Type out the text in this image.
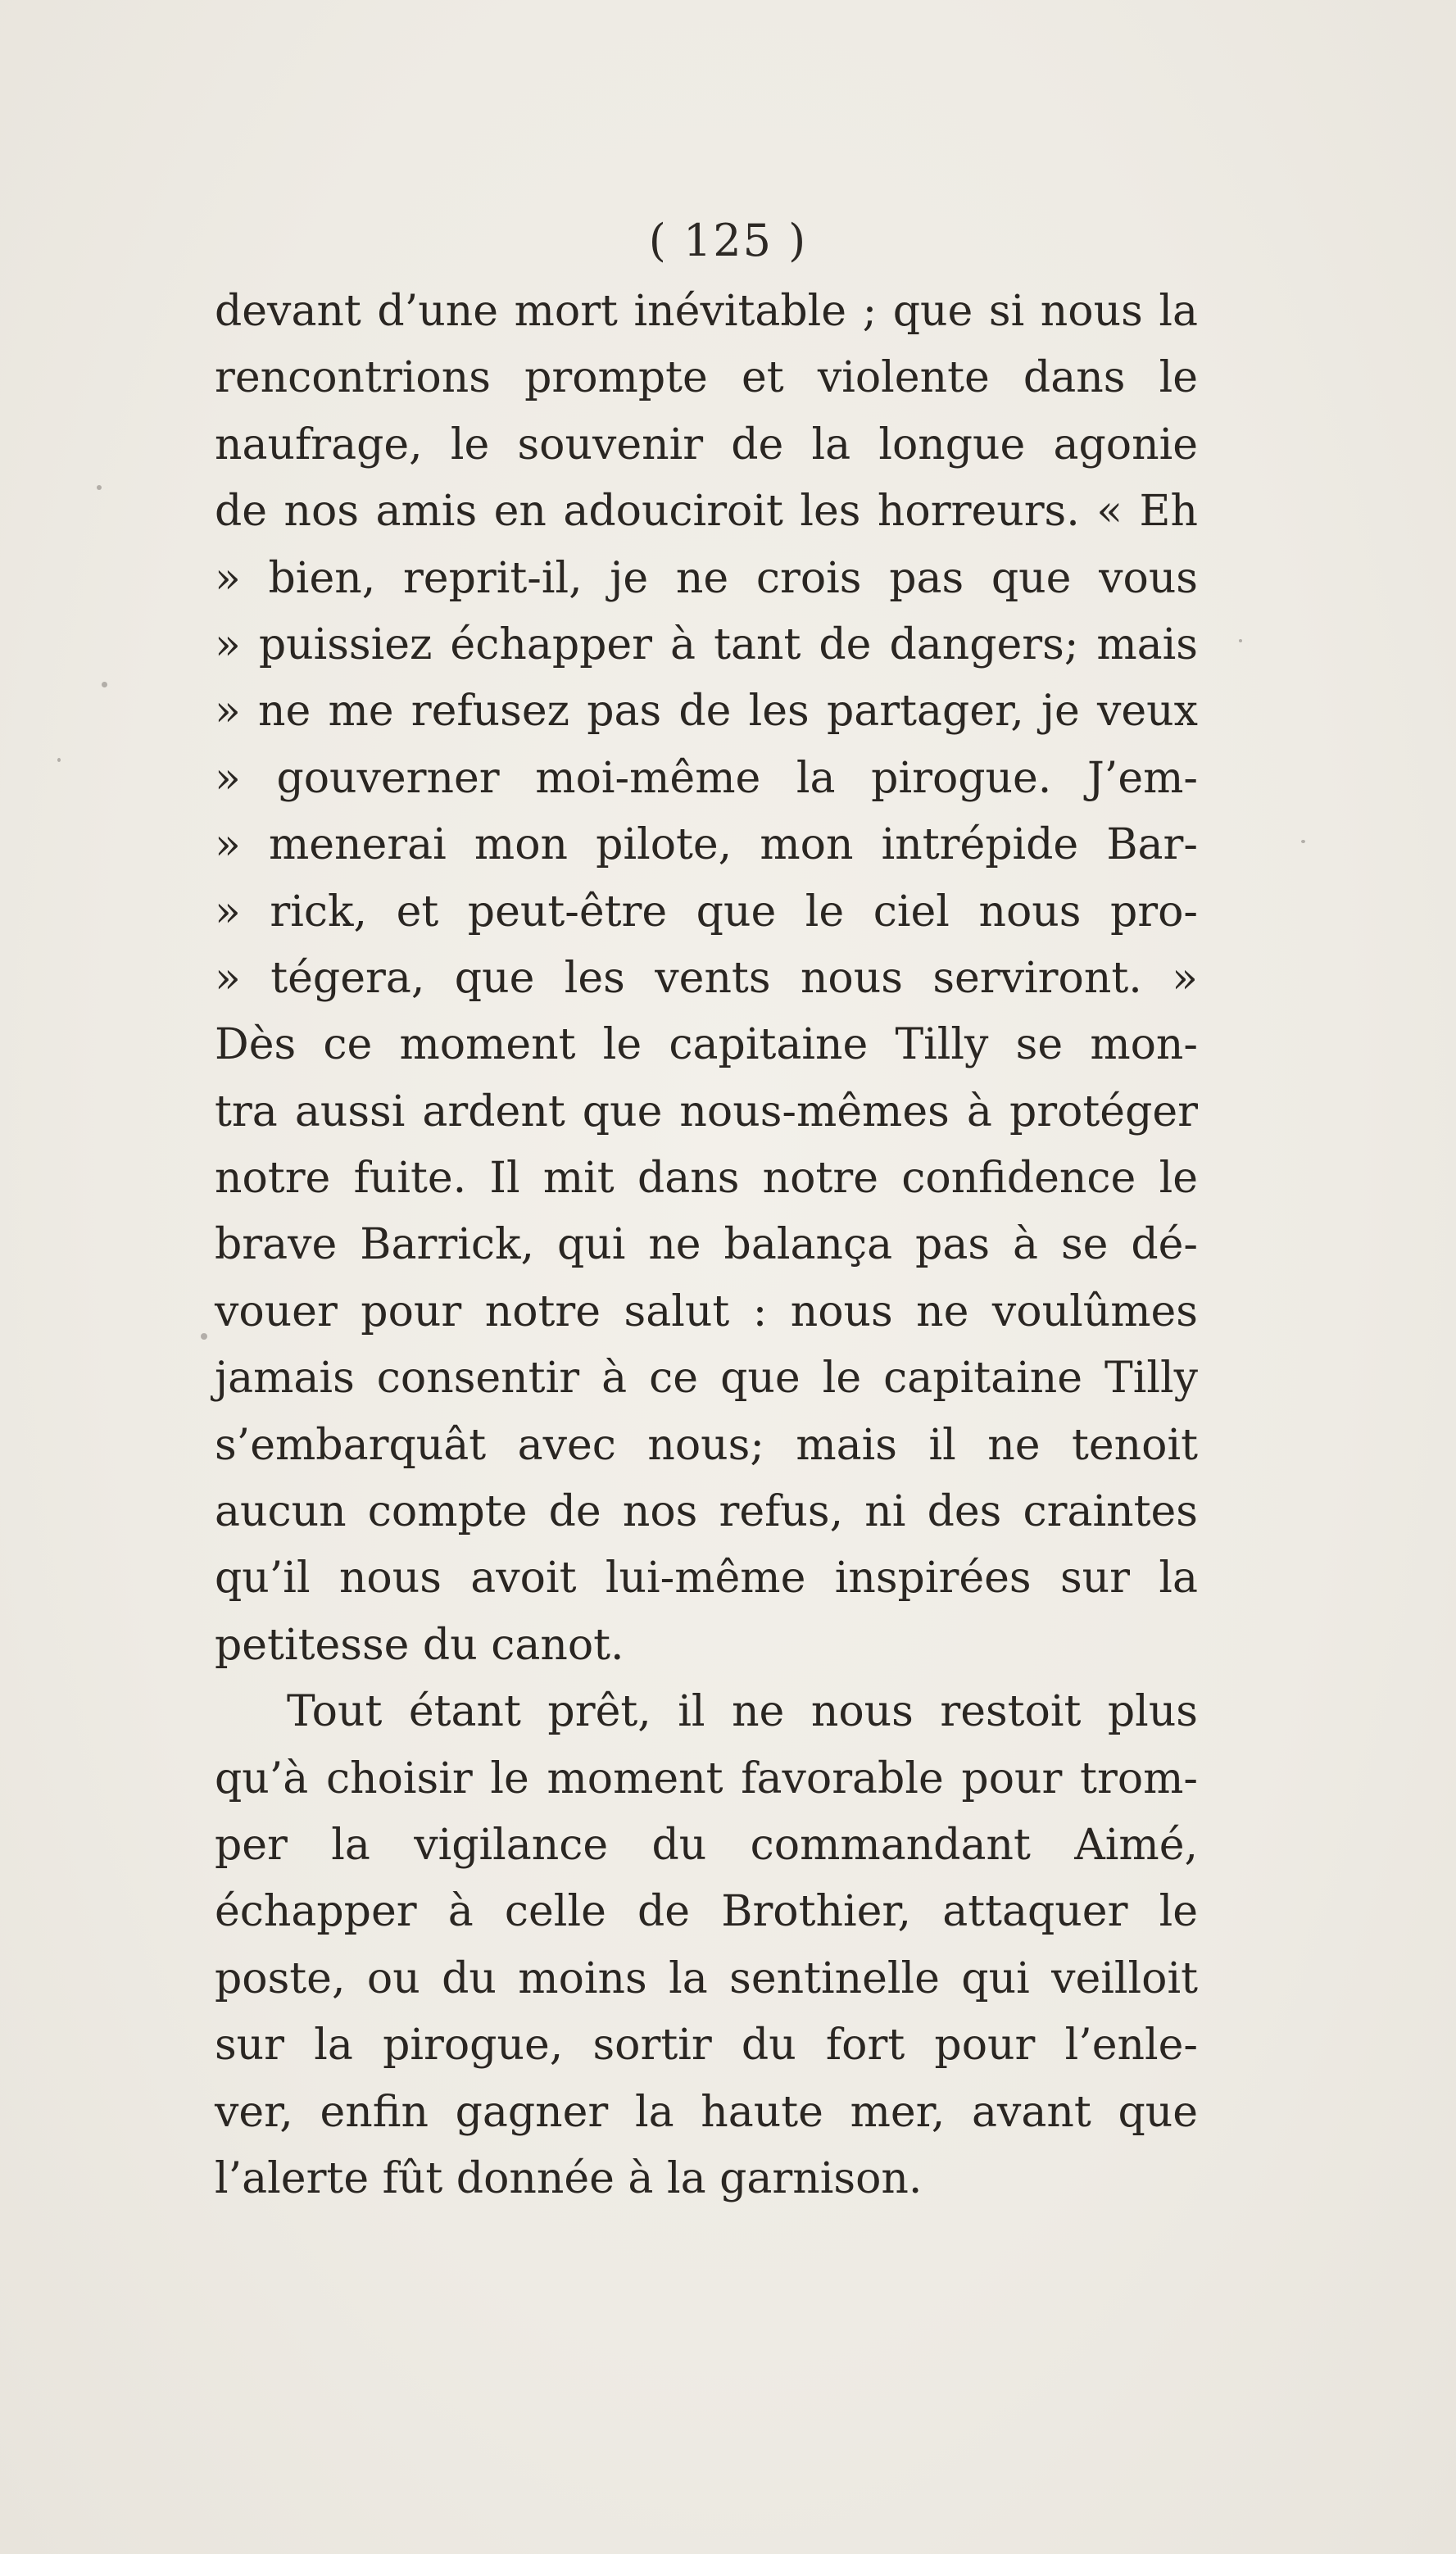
( 125 )
devant d’une mort inévitable ; que si nous la
rencontrions prompte et violente dans le
naufrage, le souvenir de la longue agonie
de nos amis en adouciroit les horreurs. « Eh
» bien, reprit-il, je ne crois pas que vous
» puissiez échapper à tant de dangers; mais
» ne me refusez pas de les partager, je veux
» gouverner moi-même la pirogue. J’em-
» menerai mon pilote, mon intrépide Bar-
» rick, et peut-être que le ciel nous pro-
» tégera, que les vents nous serviront. »
Dès ce moment le capitaine Tilly se mon-
tra aussi ardent que nous-mêmes à protéger
notre fuite. Il mit dans notre confidence le
brave Barrick, qui ne balança pas à se dé-
vouer pour notre salut : nous ne voulûmes
jamais consentir à ce que le capitaine Tilly
s’embarquât avec nous; mais il ne tenoit
aucun compte de nos refus, ni des craintes
qu’il nous avoit lui-même inspirées sur la
petitesse du canot.
Tout étant prêt, il ne nous restoit plus
qu’à choisir le moment favorable pour trom-
per la vigilance du commandant Aimé,
échapper à celle de Brothier, attaquer le
poste, ou du moins la sentinelle qui veilloit
sur la pirogue, sortir du fort pour l’enle-
ver, enfin gagner la haute mer, avant que
l’alerte fût donnée à la garnison.
